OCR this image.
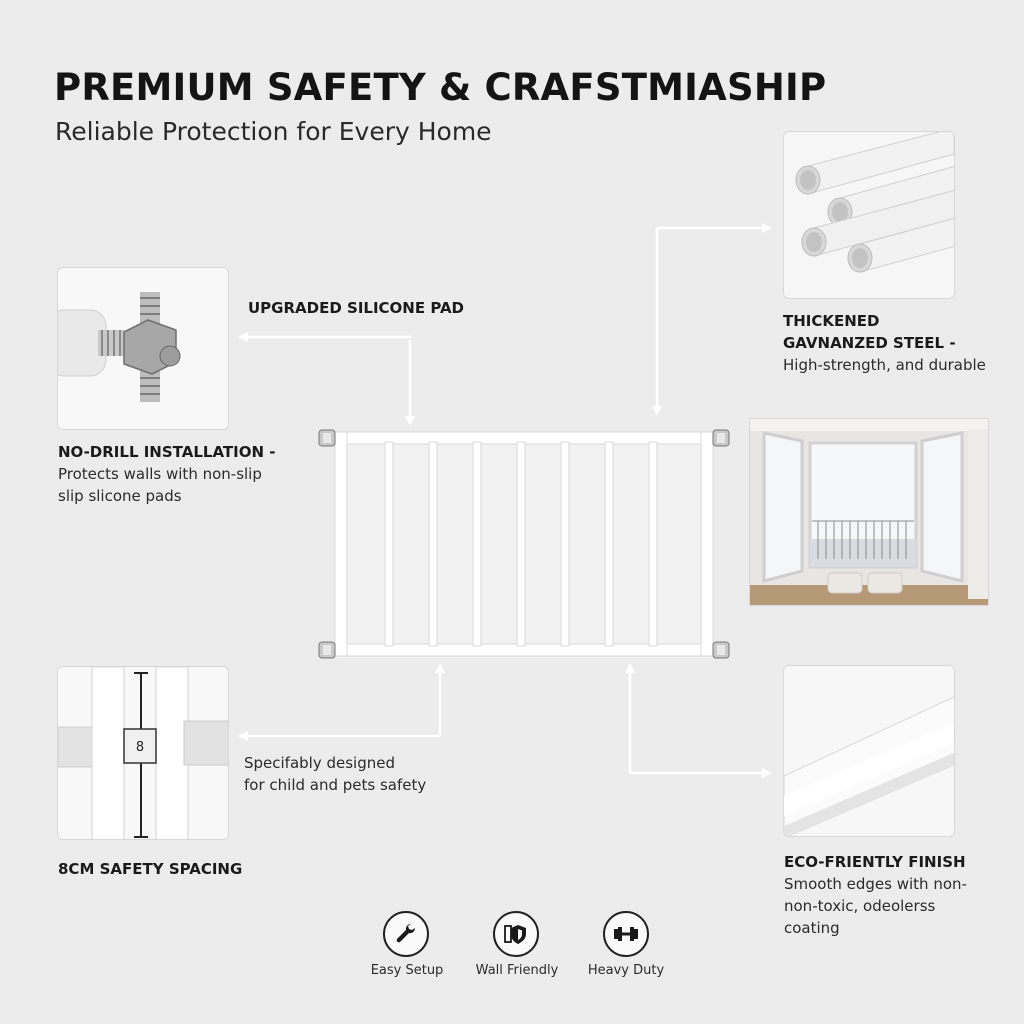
PREMIUM SAFETY & CRAFSTMIASHIP
Reliable Protection for Every Home
8
UPGRADED SILICONE PAD
NO-DRILL INSTALLATION -
Protects walls with non-slip
slip slicone pads
THICKENED
GAVNANZED STEEL -
High-strength, and durable
8CM SAFETY SPACING
Specifably designed
for child and pets safety
ECO-FRIENTLY FINISH
Smooth edges with non-
non-toxic, odeolerss
coating
Easy Setup	Wall Friendly	Heavy Duty
